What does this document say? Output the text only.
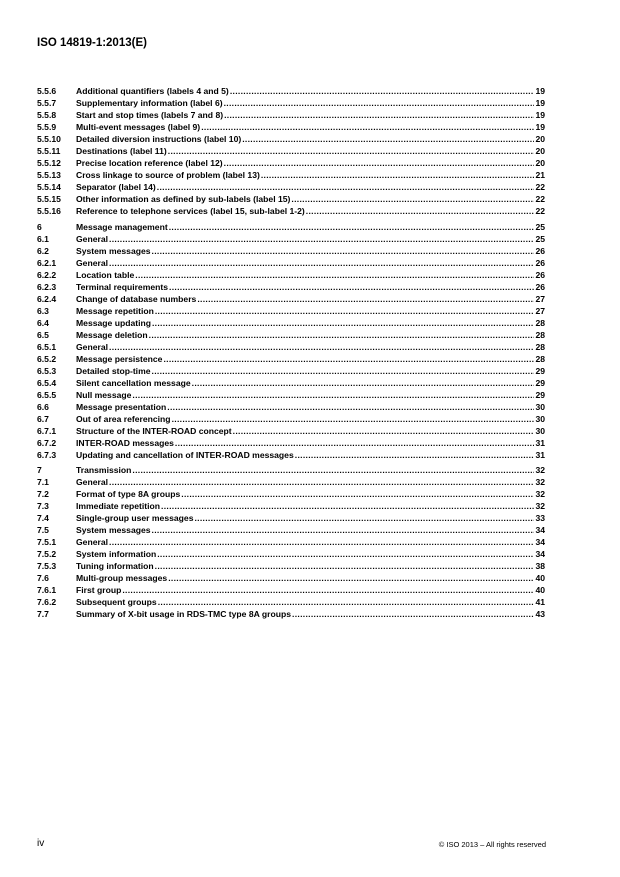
ISO 14819-1:2013(E)
5.5.6	Additional quantifiers (labels 4 and 5) .....	19
5.5.7	Supplementary information (label 6) .....	19
5.5.8	Start and stop times (labels 7 and 8) .....	19
5.5.9	Multi-event messages (label 9) .....	19
5.5.10	Detailed diversion instructions (label 10) .....	20
5.5.11	Destinations (label 11) .....	20
5.5.12	Precise location reference (label 12) .....	20
5.5.13	Cross linkage to source of problem (label 13) .....	21
5.5.14	Separator (label 14) .....	22
5.5.15	Other information as defined by sub-labels (label 15) .....	22
5.5.16	Reference to telephone services (label 15, sub-label 1-2) .....	22
6	Message management .....	25
6.1	General .....	25
6.2	System messages .....	26
6.2.1	General .....	26
6.2.2	Location table .....	26
6.2.3	Terminal requirements .....	26
6.2.4	Change of database numbers .....	27
6.3	Message repetition .....	27
6.4	Message updating .....	28
6.5	Message deletion .....	28
6.5.1	General .....	28
6.5.2	Message persistence .....	28
6.5.3	Detailed stop-time .....	29
6.5.4	Silent cancellation message .....	29
6.5.5	Null message .....	29
6.6	Message presentation .....	30
6.7	Out of area referencing .....	30
6.7.1	Structure of the INTER-ROAD concept .....	30
6.7.2	INTER-ROAD messages .....	31
6.7.3	Updating and cancellation of INTER-ROAD messages .....	31
7	Transmission .....	32
7.1	General .....	32
7.2	Format of type 8A groups .....	32
7.3	Immediate repetition .....	32
7.4	Single-group user messages .....	33
7.5	System messages .....	34
7.5.1	General .....	34
7.5.2	System information .....	34
7.5.3	Tuning information .....	38
7.6	Multi-group messages .....	40
7.6.1	First group .....	40
7.6.2	Subsequent groups .....	41
7.7	Summary of X-bit usage in RDS-TMC type 8A groups .....	43
iv	© ISO 2013 – All rights reserved
